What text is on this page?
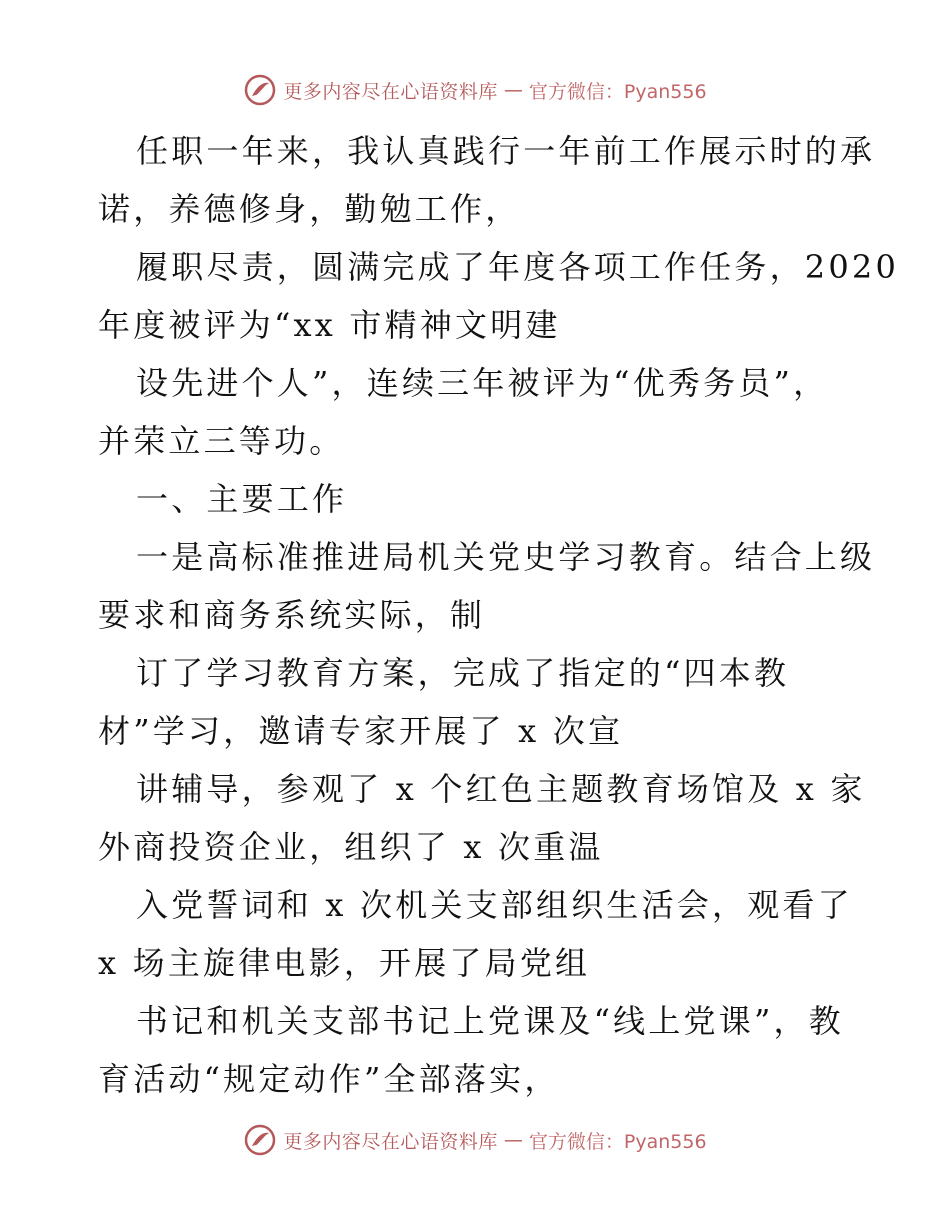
更多内容尽在心语资料库 — 官方微信：Pyan556
任职一年来，我认真践行一年前工作展示时的承
诺，养德修身，勤勉工作，
履职尽责，圆满完成了年度各项工作任务，2020
年度被评为“xx 市精神文明建
设先进个人”，连续三年被评为“优秀务员”，
并荣立三等功。
一、主要工作
一是高标准推进局机关党史学习教育。结合上级
要求和商务系统实际，制
订了学习教育方案，完成了指定的“四本教
材”学习，邀请专家开展了 x 次宣
讲辅导，参观了 x 个红色主题教育场馆及 x 家
外商投资企业，组织了 x 次重温
入党誓词和 x 次机关支部组织生活会，观看了
x 场主旋律电影，开展了局党组
书记和机关支部书记上党课及“线上党课”，教
育活动“规定动作”全部落实，
更多内容尽在心语资料库 — 官方微信：Pyan556
